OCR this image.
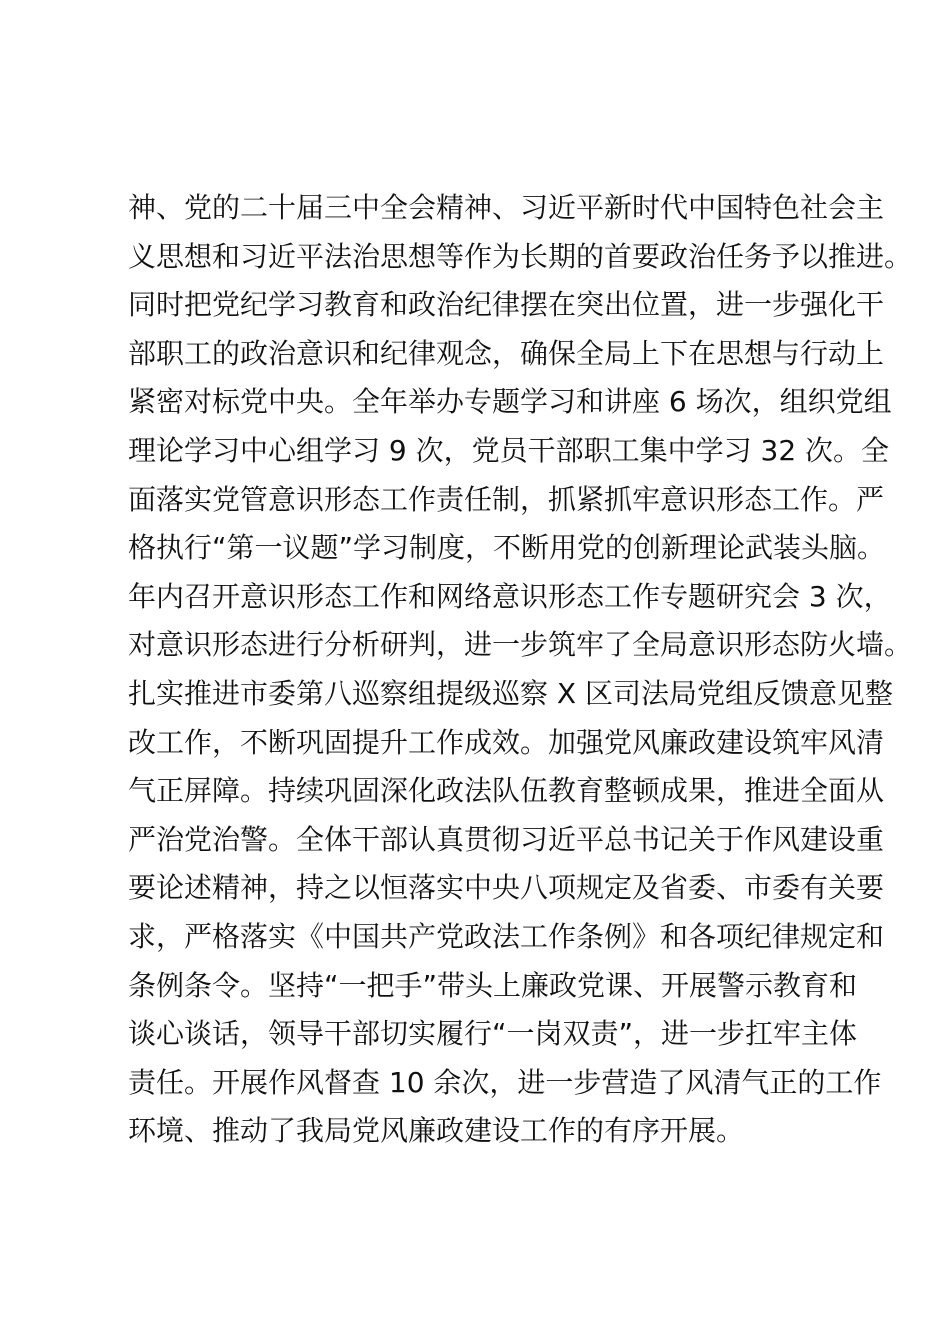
神、党的二十届三中全会精神、习近平新时代中国特色社会主
义思想和习近平法治思想等作为长期的首要政治任务予以推进。
同时把党纪学习教育和政治纪律摆在突出位置，进一步强化干
部职工的政治意识和纪律观念，确保全局上下在思想与行动上
紧密对标党中央。全年举办专题学习和讲座 6 场次，组织党组
理论学习中心组学习 9 次，党员干部职工集中学习 32 次。全
面落实党管意识形态工作责任制，抓紧抓牢意识形态工作。严
格执行“第一议题”学习制度，不断用党的创新理论武装头脑。
年内召开意识形态工作和网络意识形态工作专题研究会 3 次，
对意识形态进行分析研判，进一步筑牢了全局意识形态防火墙。
扎实推进市委第八巡察组提级巡察 X 区司法局党组反馈意见整
改工作，不断巩固提升工作成效。加强党风廉政建设筑牢风清
气正屏障。持续巩固深化政法队伍教育整顿成果，推进全面从
严治党治警。全体干部认真贯彻习近平总书记关于作风建设重
要论述精神，持之以恒落实中央八项规定及省委、市委有关要
求，严格落实《中国共产党政法工作条例》和各项纪律规定和
条例条令。坚持“一把手”带头上廉政党课、开展警示教育和
谈心谈话，领导干部切实履行“一岗双责”，进一步扛牢主体
责任。开展作风督查 10 余次，进一步营造了风清气正的工作
环境、推动了我局党风廉政建设工作的有序开展。
